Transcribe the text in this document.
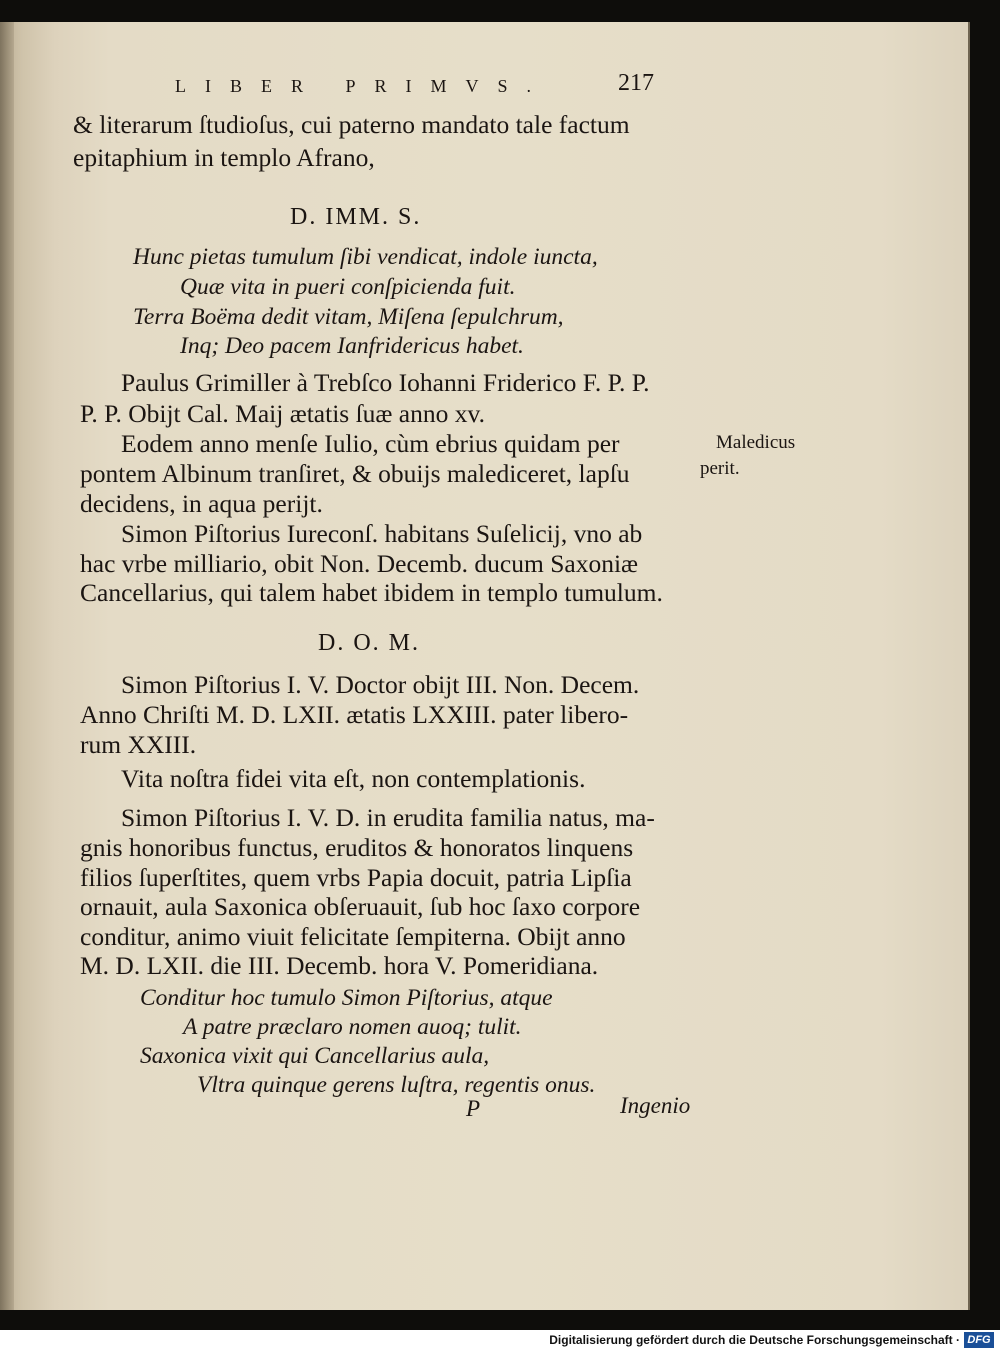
LIBER PRIMVS.	217
& literarum ſtudioſus, cui paterno mandato tale factum
epitaphium in templo Afrano,
D. IMM. S.
Hunc pietas tumulum ſibi vendicat, indole iuncta,
Quæ vita in pueri conſpicienda fuit.
Terra Boëma dedit vitam, Miſena ſepulchrum,
Inq; Deo pacem Ianfridericus habet.
Paulus Grimiller à Trebſco Iohanni Friderico F. P. P.
P. P. Obijt Cal. Maij ætatis ſuæ anno xv.
Eodem anno menſe Iulio, cùm ebrius quidam per
pontem Albinum tranſiret, & obuijs malediceret, lapſu
decidens, in aqua perijt.
Simon Piſtorius Iureconſ. habitans Suſelicij, vno ab
hac vrbe milliario, obit Non. Decemb. ducum Saxoniæ
Cancellarius, qui talem habet ibidem in templo tumulum.
D. O. M.
Simon Piſtorius I. V. Doctor obijt III. Non. Decem.
Anno Chriſti M. D. LXII. ætatis LXXIII. pater libero-
rum XXIII.
Vita noſtra fidei vita eſt, non contemplationis.
Simon Piſtorius I. V. D. in erudita familia natus, ma-
gnis honoribus functus, eruditos & honoratos linquens
filios ſuperſtites, quem vrbs Papia docuit, patria Lipſia
ornauit, aula Saxonica obſeruauit, ſub hoc ſaxo corpore
conditur, animo viuit felicitate ſempiterna. Obijt anno
M. D. LXII. die III. Decemb. hora V. Pomeridiana.
Conditur hoc tumulo Simon Piſtorius, atque
A patre præclaro nomen auoq; tulit.
Saxonica vixit qui Cancellarius aula,
Vltra quinque gerens luſtra, regentis onus.
Maledicus
perit.
P	Ingenio
Digitalisierung gefördert durch die Deutsche Forschungsgemeinschaft · DFG
